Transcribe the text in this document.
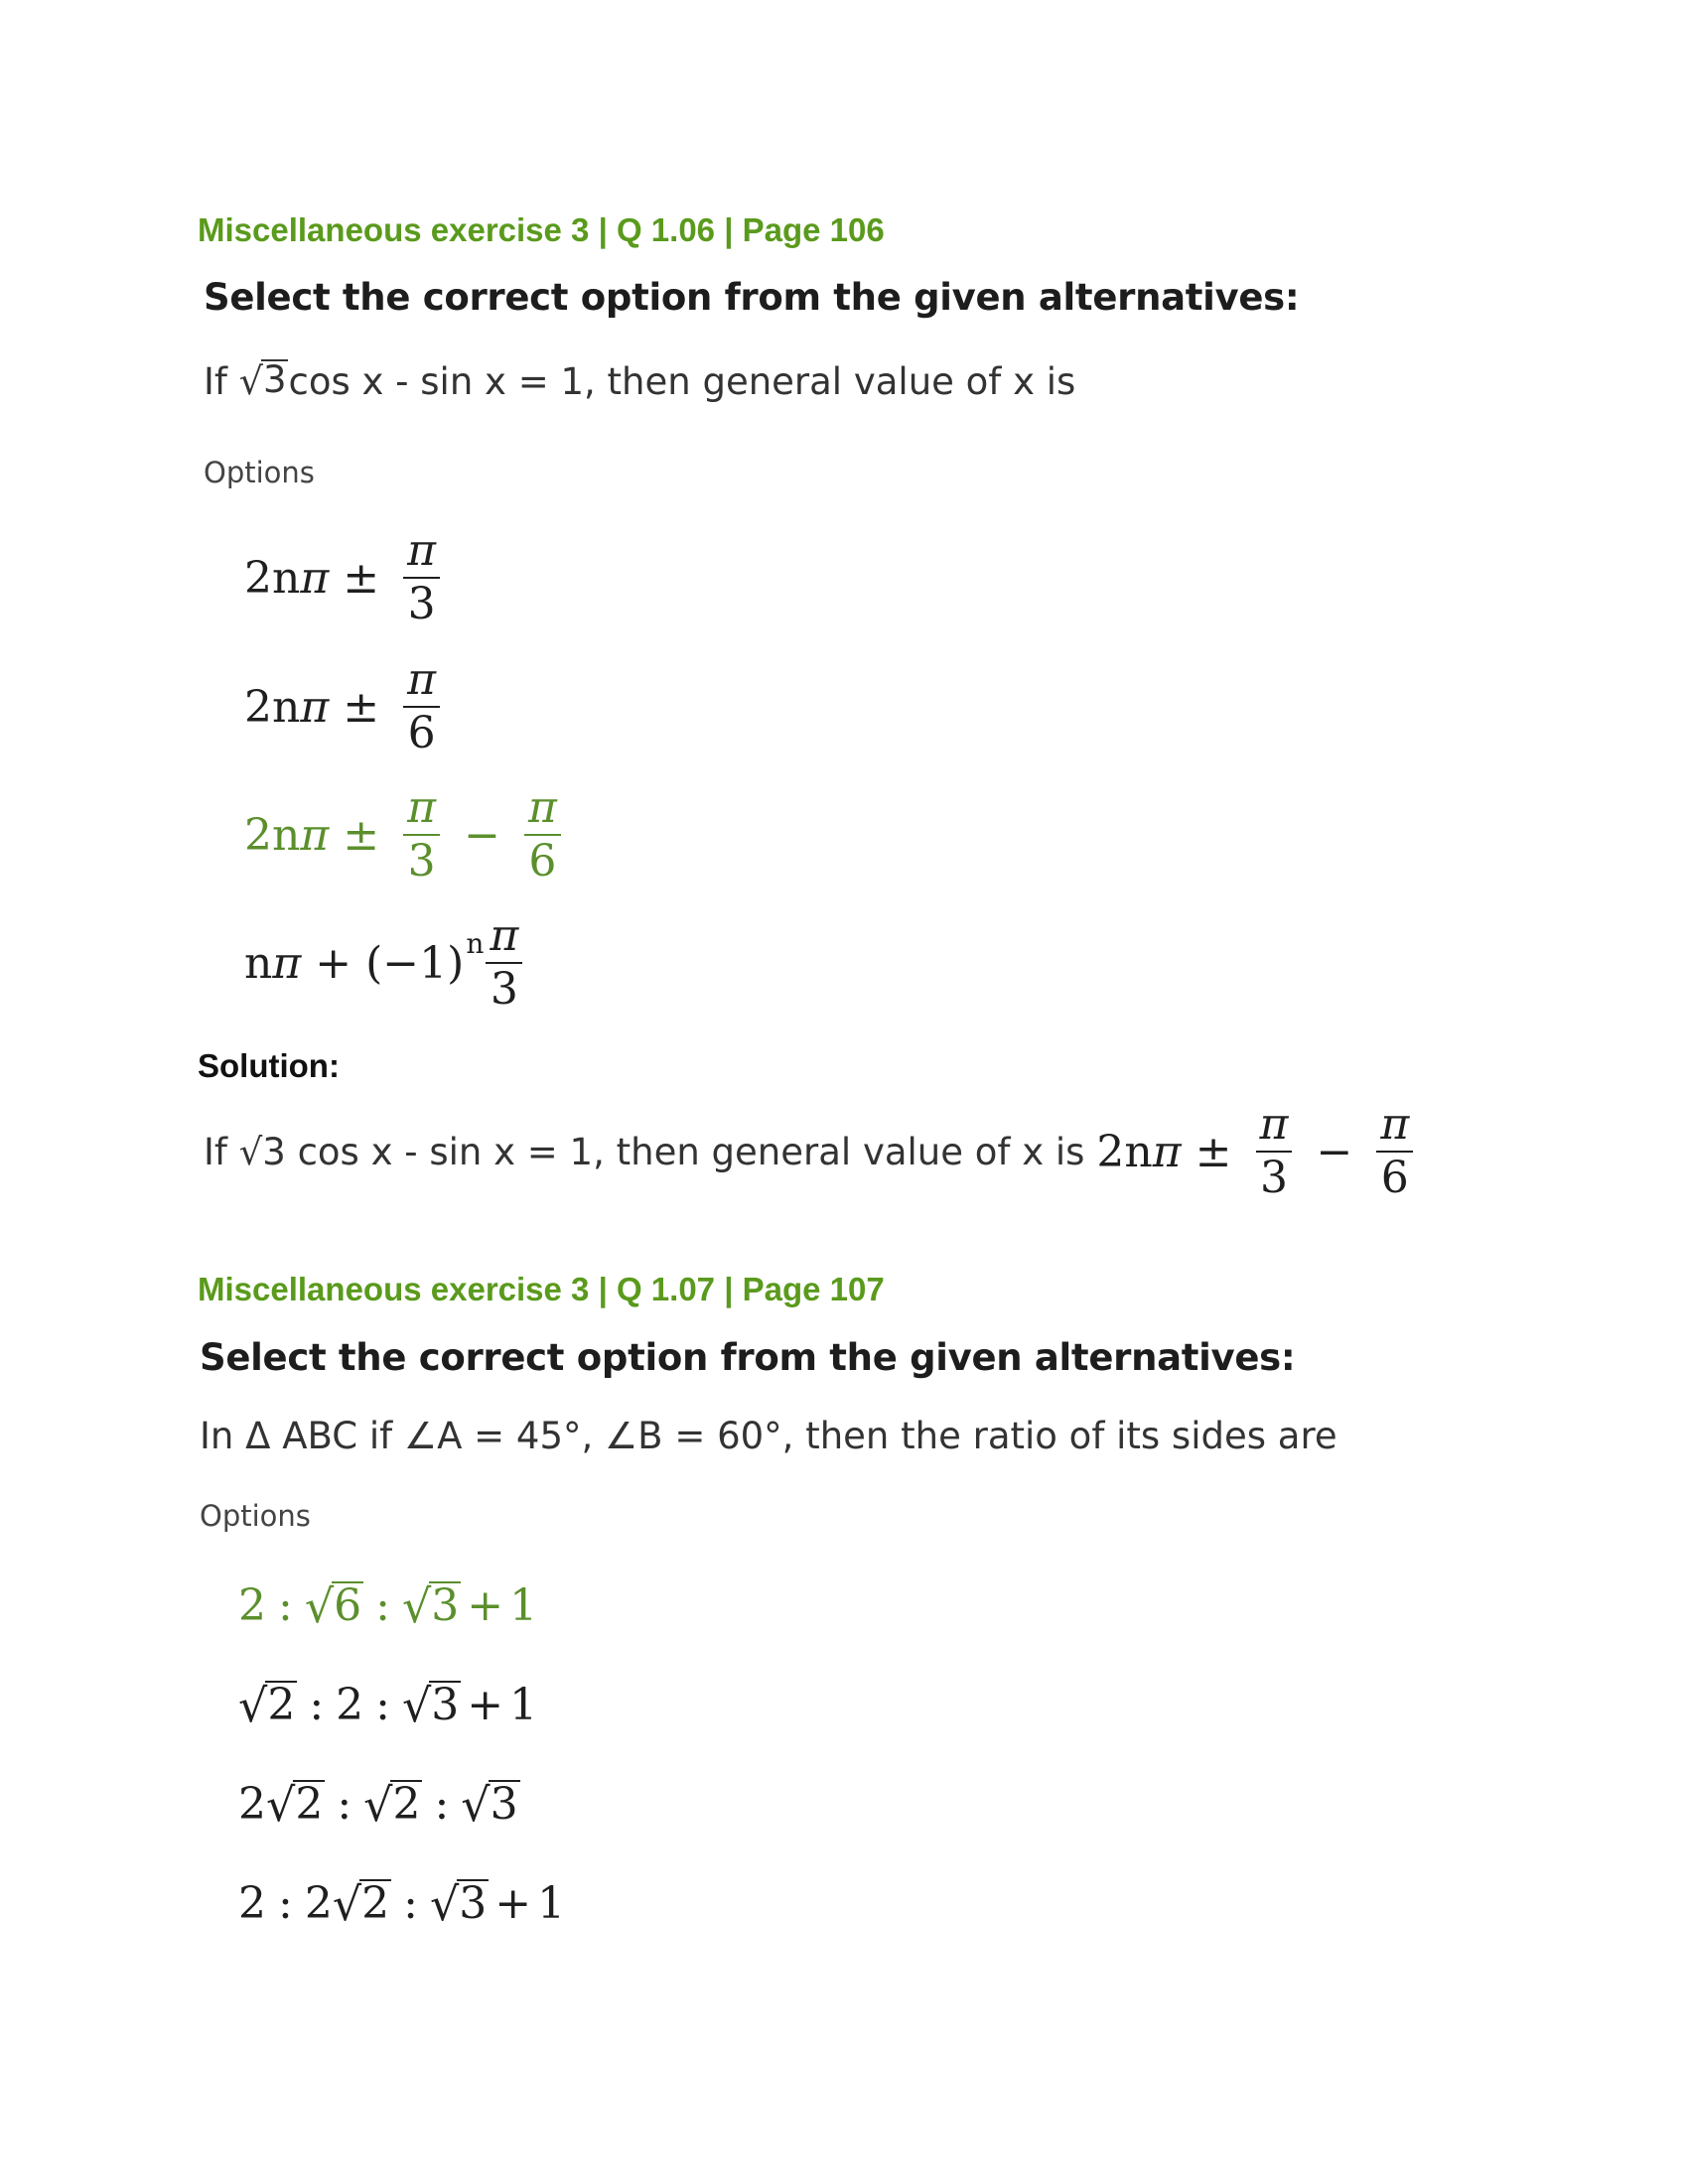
Miscellaneous exercise 3 | Q 1.06 | Page 106
Select the correct option from the given alternatives:
If √ 3 cos x - sin x = 1, then general value of x is
Options
2n $\pi \pm \frac{\pi}{3}$
2n $\pi \pm \frac{\pi}{6}$
2n $\pi \pm \frac{\pi}{3} - \frac{\pi}{6}$
n π + (−1) n $\frac{\pi}{3}$
Solution:
If √3 cos x - sin x = 1, then general value of x is 2n $\pi \pm \frac{\pi}{3} - \frac{\pi}{6}$
Miscellaneous exercise 3 | Q 1.07 | Page 107
Select the correct option from the given alternatives:
In Δ ABC if ∠A = 45°, ∠B = 60°, then the ratio of its sides are
Options
2 : √ 6 : √ 3 + 1
√ 2 : 2 : √ 3 + 1
2 √ 2 : √ 2 : √ 3
2 : 2 √ 2 : √ 3 + 1
